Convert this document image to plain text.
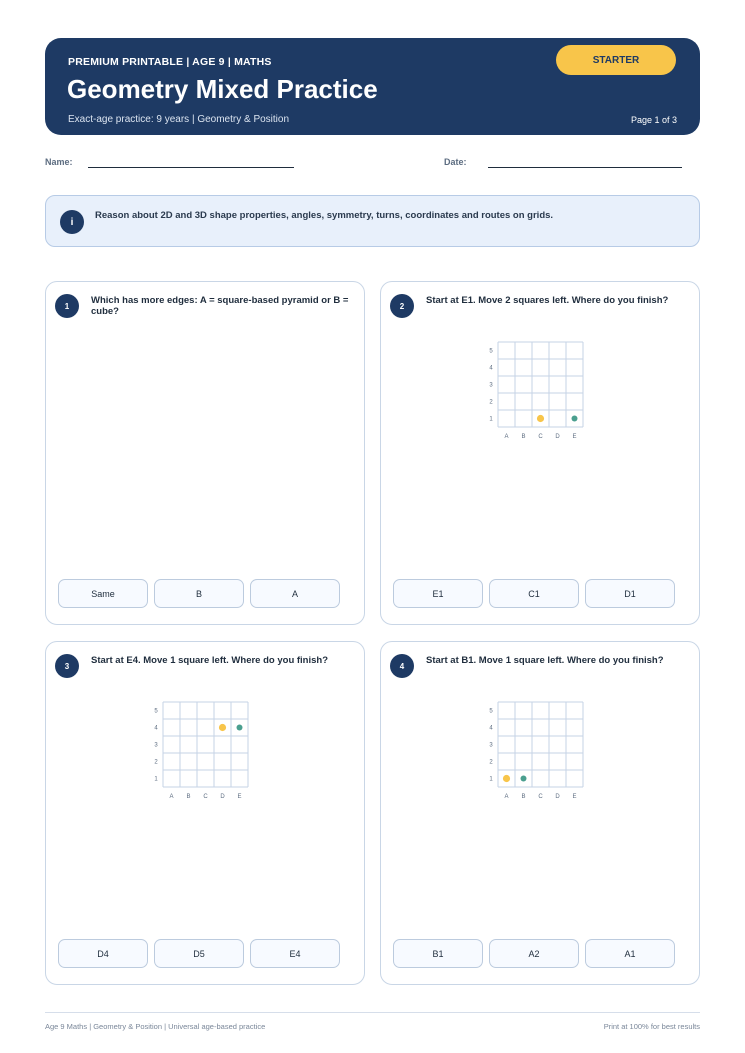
PREMIUM PRINTABLE | AGE 9 | MATHS
Geometry Mixed Practice
Exact-age practice: 9 years | Geometry & Position	Page 1 of 3
STARTER
Name:	Date:
i
Reason about 2D and 3D shape properties, angles, symmetry, turns, coordinates and routes on grids.
1	Which has more edges: A = square-based pyramid or B = cube?
Same	B	A
2	Start at E1. Move 2 squares left. Where do you finish?
A B C D E
5
4
3
2
1
E1	C1	D1
3	Start at E4. Move 1 square left. Where do you finish?
A B C D E
5
4
3
2
1
D4	D5	E4
4	Start at B1. Move 1 square left. Where do you finish?
A B C D E
5
4
3
2
1
B1	A2	A1
Age 9 Maths | Geometry & Position | Universal age-based practice	Print at 100% for best results
